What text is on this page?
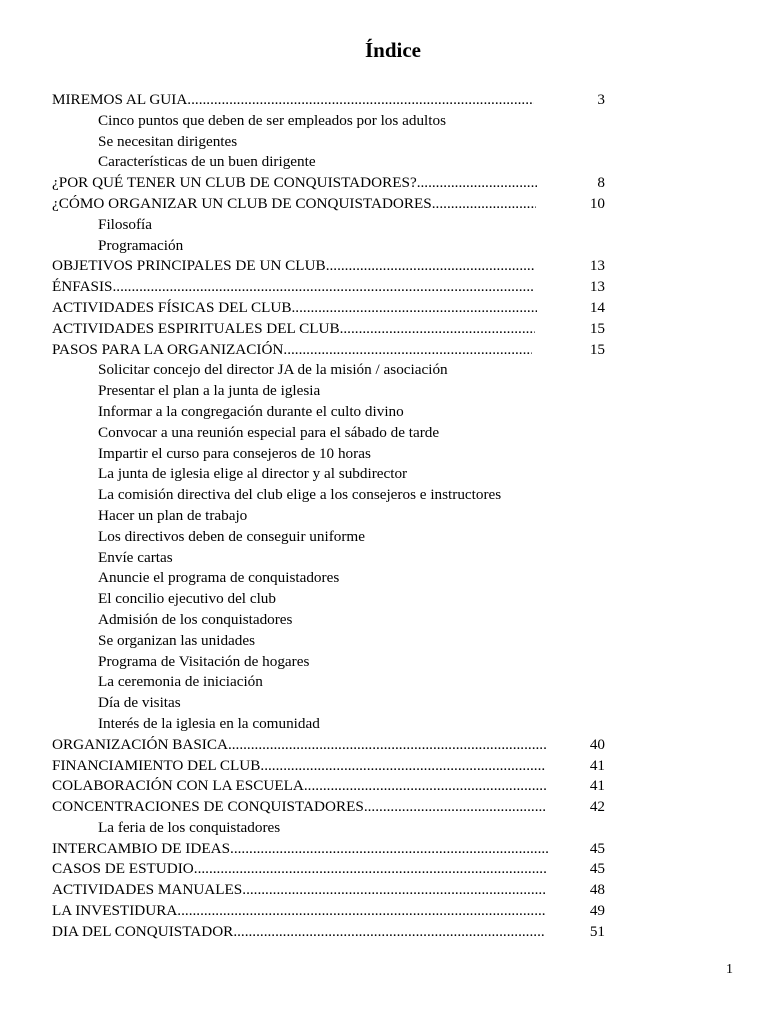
Índice
MIREMOS AL GUIA .....	3
Cinco puntos que deben de ser empleados por los adultos
Se necesitan dirigentes
Características de un buen dirigente
¿POR QUÉ TENER UN CLUB DE CONQUISTADORES? .....	8
¿CÓMO ORGANIZAR UN CLUB DE CONQUISTADORES .....	10
Filosofía
Programación
OBJETIVOS PRINCIPALES DE UN CLUB .....	13
ÉNFASIS .....	13
ACTIVIDADES FÍSICAS DEL CLUB .....	14
ACTIVIDADES ESPIRITUALES DEL CLUB .....	15
PASOS PARA LA ORGANIZACIÓN .....	15
Solicitar concejo del director JA de la misión / asociación
Presentar el plan a la junta de iglesia
Informar a la congregación durante el culto divino
Convocar a una reunión especial para el sábado de tarde
Impartir el curso para consejeros de 10 horas
La junta de iglesia elige al director y al subdirector
La comisión directiva del club elige a los consejeros e instructores
Hacer un plan de trabajo
Los directivos deben de conseguir uniforme
Envíe cartas
Anuncie el programa de conquistadores
El concilio ejecutivo del club
Admisión de los conquistadores
Se organizan las unidades
Programa de Visitación de hogares
La ceremonia de iniciación
Día de visitas
Interés de la iglesia en la comunidad
ORGANIZACIÓN BASICA .....	40
FINANCIAMIENTO DEL CLUB .....	41
COLABORACIÓN CON LA ESCUELA .....	41
CONCENTRACIONES DE CONQUISTADORES .....	42
La feria de los conquistadores
INTERCAMBIO DE IDEAS .....	45
CASOS DE ESTUDIO .....	45
ACTIVIDADES MANUALES .....	48
LA INVESTIDURA .....	49
DIA DEL CONQUISTADOR .....	51
1
